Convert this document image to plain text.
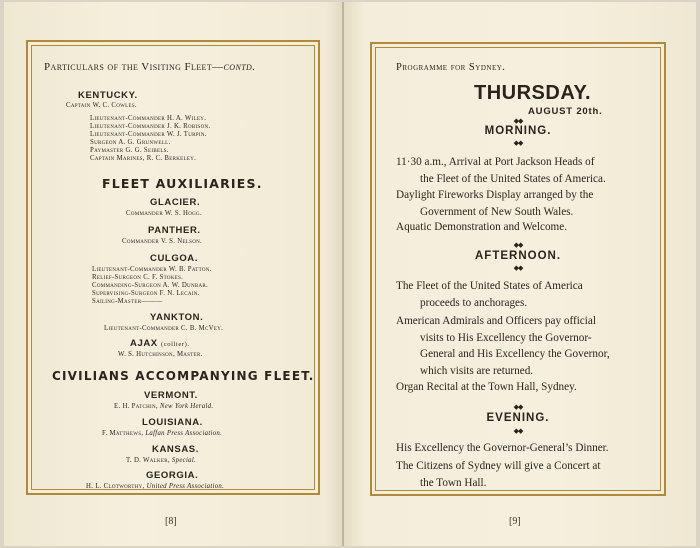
Particulars of the Visiting Fleet—contd.
KENTUCKY.
Captain W. C. Cowles.
Lieutenant-Commander H. A. Wiley.
Lieutenant-Commander J. K. Robison.
Lieutenant-Commander W. J. Turpin.
Surgeon A. G. Grunwell.
Paymaster G. G. Seibels.
Captain Marines, R. C. Berkeley.
FLEET AUXILIARIES.
GLACIER.
Commander W. S. Hogg.
PANTHER.
Commander V. S. Nelson.
CULGOA.
Lieutenant-Commander W. B. Patton.
Relief-Surgeon C. F. Stokes.
Commanding-Surgeon A. W. Dunbar.
Supervising-Surgeon F. N. Lecain.
Sailing-Master———
YANKTON.
Lieutenant-Commander C. B. McVey.
AJAX (collier).
W. S. Hutchinson, Master.
CIVILIANS ACCOMPANYING FLEET.
VERMONT.
E. H. Patchin, New York Herald.
LOUISIANA.
F. Matthews, Laffan Press Association.
KANSAS.
T. D. Walker, Special.
GEORGIA.
H. L. Clotworthy, United Press Association.
[8]
Programme for Sydney.
THURSDAY.
AUGUST 20th.
◆◆
MORNING.
◆◆
11·30 a.m., Arrival at Port Jackson Heads of
the Fleet of the United States of America.
Daylight Fireworks Display arranged by the
Government of New South Wales.
Aquatic Demonstration and Welcome.
◆◆
AFTERNOON.
◆◆
The Fleet of the United States of America
proceeds to anchorages.
American Admirals and Officers pay official
visits to His Excellency the Governor-
General and His Excellency the Governor,
which visits are returned.
Organ Recital at the Town Hall, Sydney.
◆◆
EVENING.
◆◆
His Excellency the Governor-General’s Dinner.
The Citizens of Sydney will give a Concert at
the Town Hall.
[9]
